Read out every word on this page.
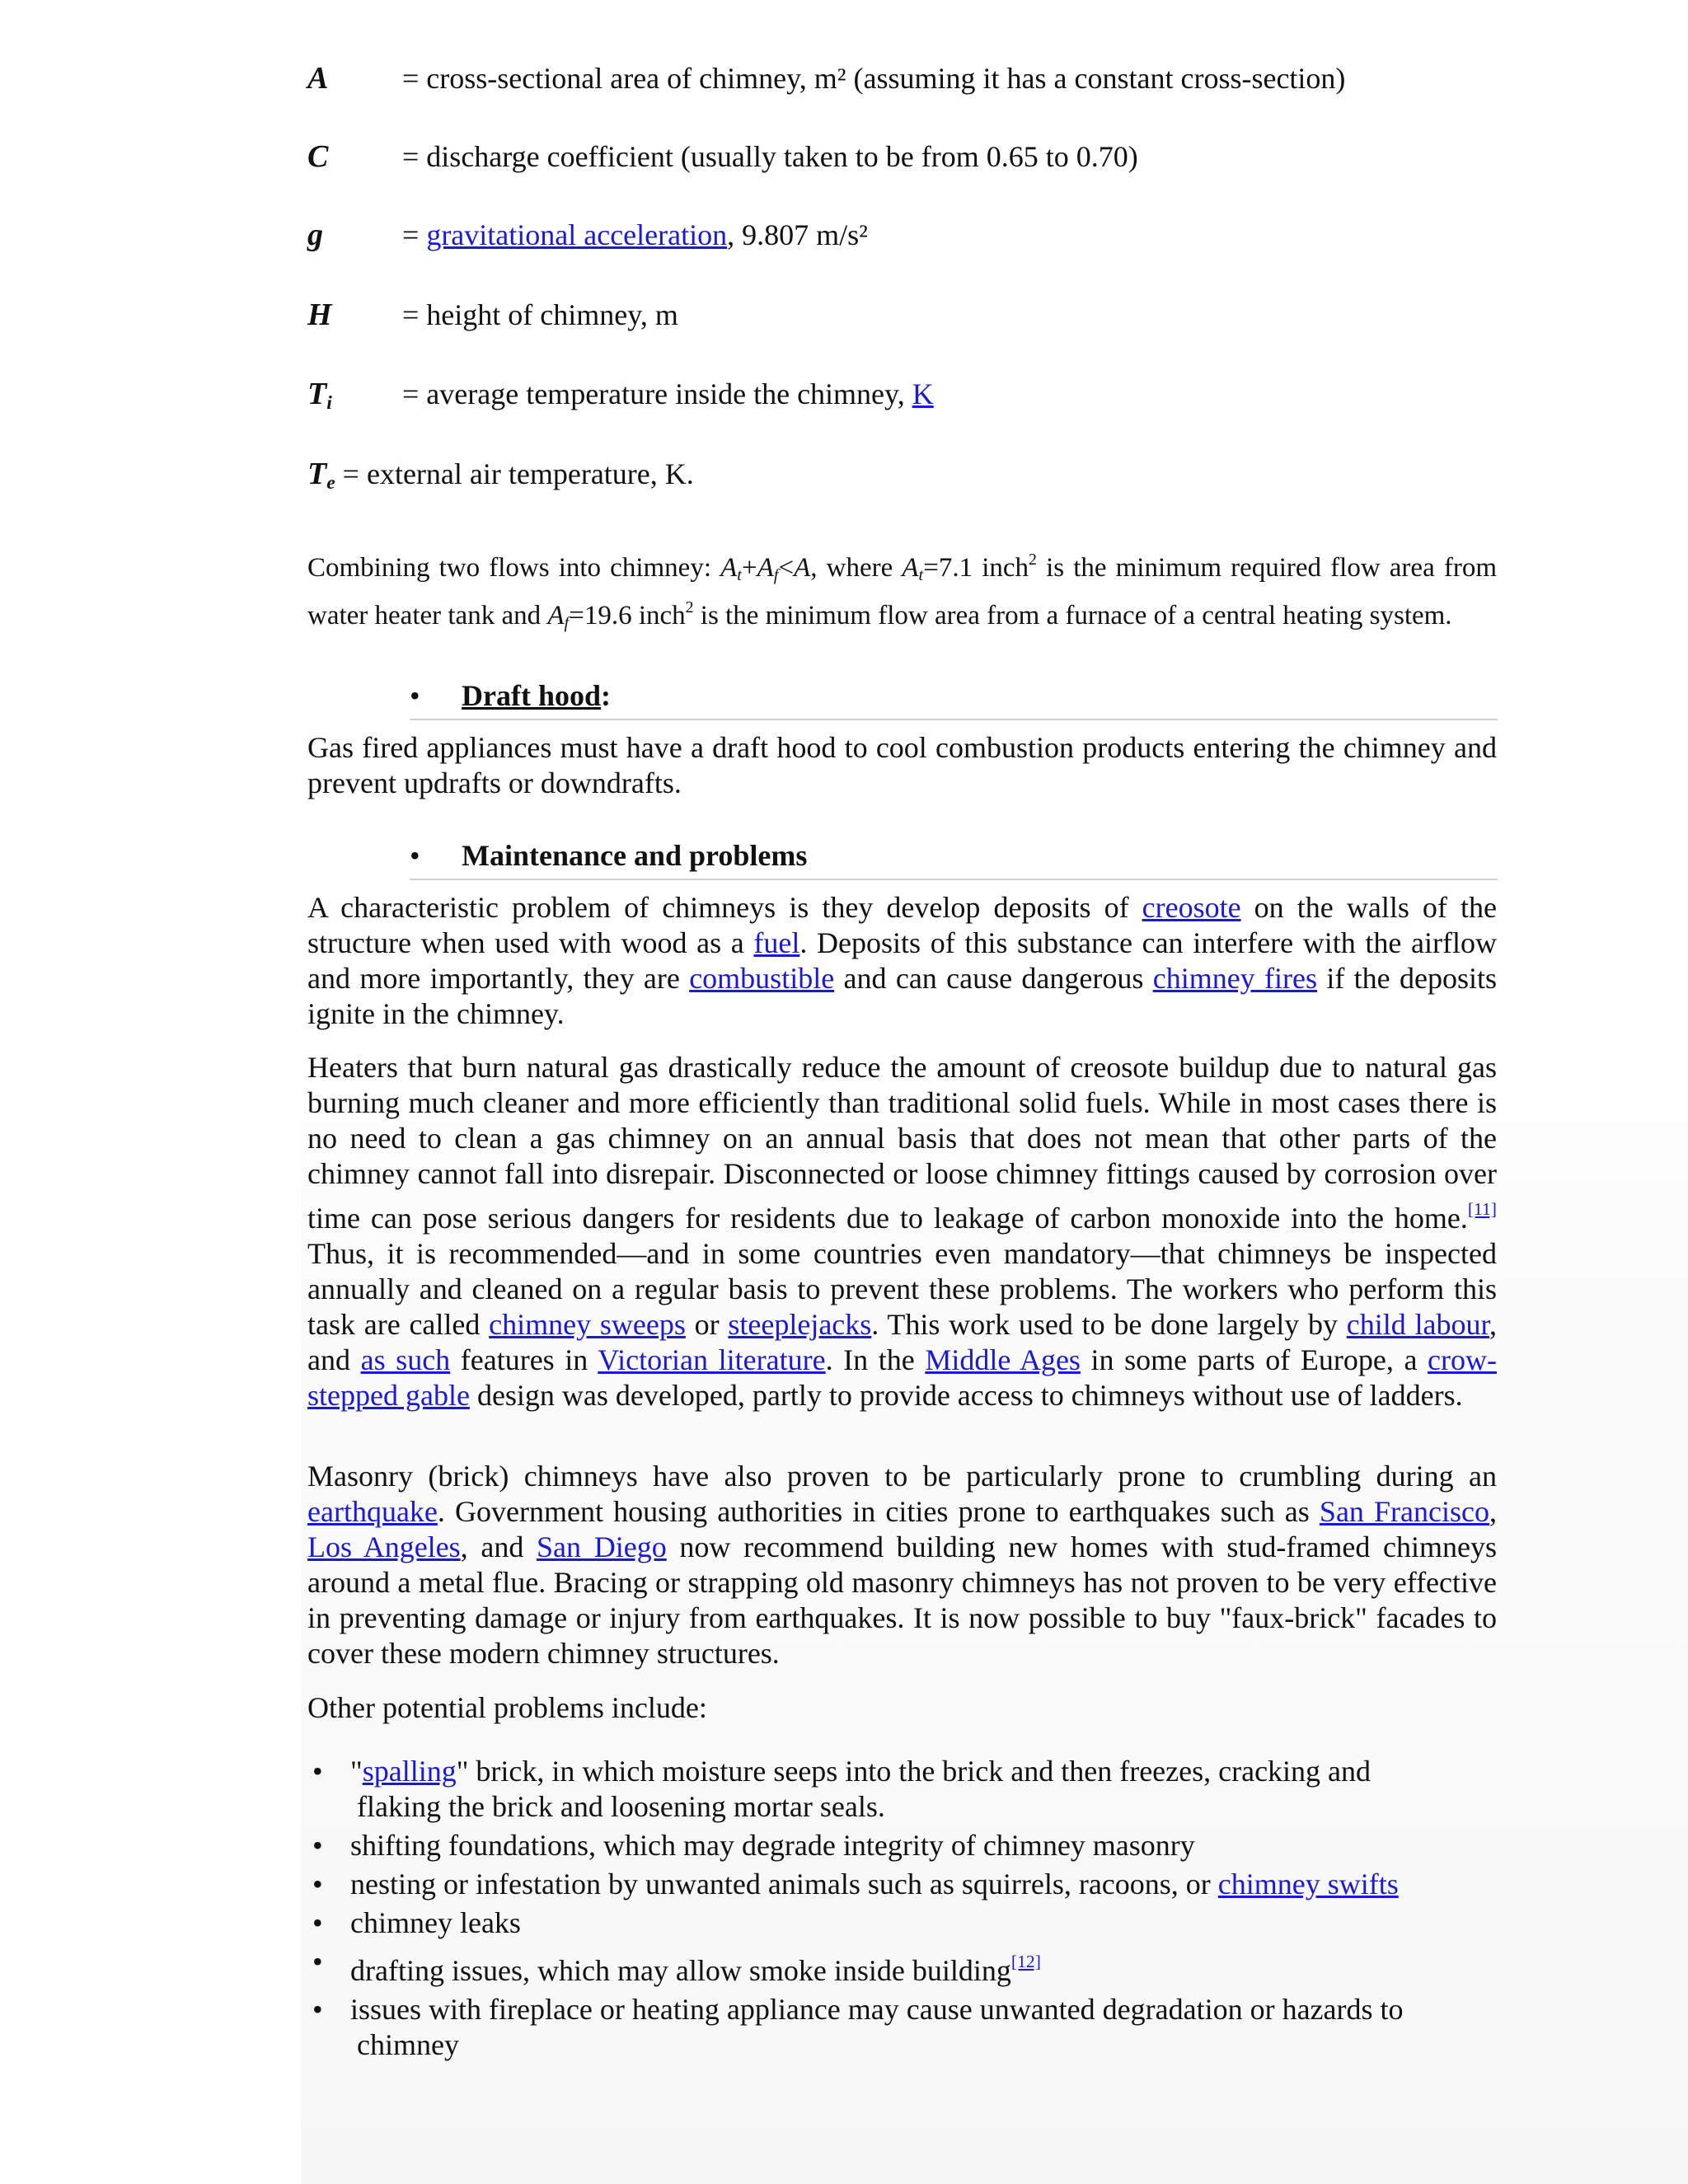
A = cross-sectional area of chimney, m² (assuming it has a constant cross-section)
C = discharge coefficient (usually taken to be from 0.65 to 0.70)
g	= gravitational acceleration, 9.807 m/s²
H = height of chimney, m
$T_i$ = average temperature inside the chimney, K
$T_e$ = external air temperature, K.
Combining two flows into chimney: $A_t+A_f<A$, where $A_t=7.1$ inch$^2$ is the minimum required flow area from water heater tank and $A_f=19.6$ inch$^2$ is the minimum flow area from a furnace of a central heating system.
• Draft hood:
Gas fired appliances must have a draft hood to cool combustion products entering the chimney and prevent updrafts or downdrafts.
• Maintenance and problems
A characteristic problem of chimneys is they develop deposits of creosote on the walls of the structure when used with wood as a fuel. Deposits of this substance can interfere with the airflow and more importantly, they are combustible and can cause dangerous chimney fires if the deposits ignite in the chimney.
Heaters that burn natural gas drastically reduce the amount of creosote buildup due to natural gas burning much cleaner and more efficiently than traditional solid fuels. While in most cases there is no need to clean a gas chimney on an annual basis that does not mean that other parts of the chimney cannot fall into disrepair. Disconnected or loose chimney fittings caused by corrosion over time can pose serious dangers for residents due to leakage of carbon monoxide into the home.[11] Thus, it is recommended—and in some countries even mandatory—that chimneys be inspected annually and cleaned on a regular basis to prevent these problems. The workers who perform this task are called chimney sweeps or steeplejacks. This work used to be done largely by child labour, and as such features in Victorian literature. In the Middle Ages in some parts of Europe, a crow-stepped gable design was developed, partly to provide access to chimneys without use of ladders.
Masonry (brick) chimneys have also proven to be particularly prone to crumbling during an earthquake. Government housing authorities in cities prone to earthquakes such as San Francisco, Los Angeles, and San Diego now recommend building new homes with stud-framed chimneys around a metal flue. Bracing or strapping old masonry chimneys has not proven to be very effective in preventing damage or injury from earthquakes. It is now possible to buy "faux-brick" facades to cover these modern chimney structures.
Other potential problems include:
• "spalling" brick, in which moisture seeps into the brick and then freezes, cracking and
flaking the brick and loosening mortar seals.
• shifting foundations, which may degrade integrity of chimney masonry
• nesting or infestation by unwanted animals such as squirrels, racoons, or chimney swifts
• chimney leaks
• drafting issues, which may allow smoke inside building[12]
• issues with fireplace or heating appliance may cause unwanted degradation or hazards to
chimney
